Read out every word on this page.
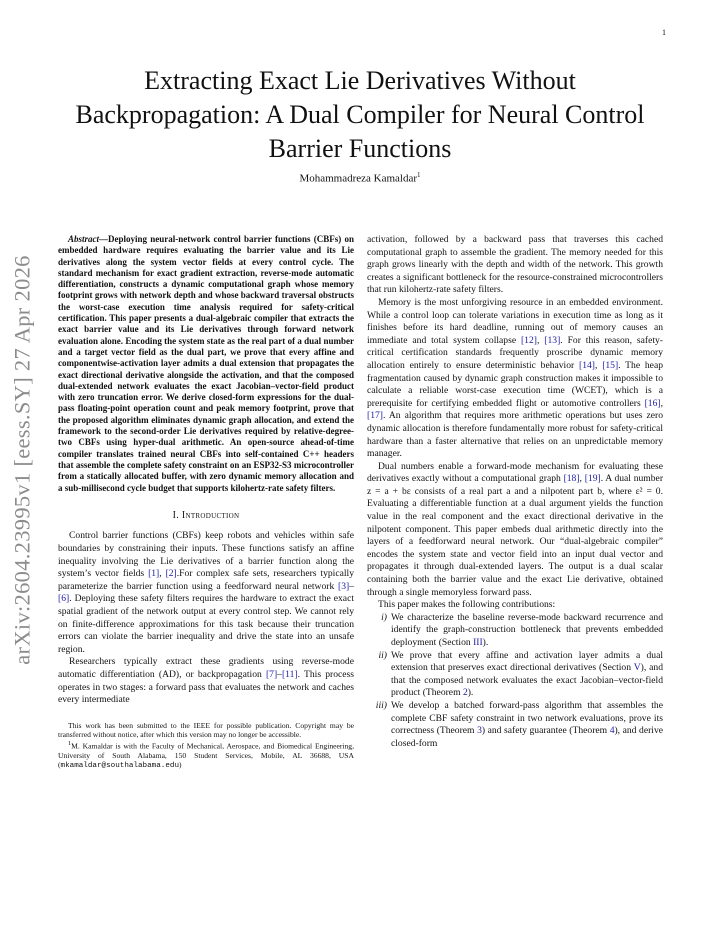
1
arXiv:2604.23995v1 [eess.SY] 27 Apr 2026
Extracting Exact Lie Derivatives Without Backpropagation: A Dual Compiler for Neural Control Barrier Functions
Mohammadreza Kamaldar$^1$

Abstract—Deploying neural-network control barrier functions (CBFs) on embedded hardware requires evaluating the barrier value and its Lie derivatives along the system vector fields at every control cycle. The standard mechanism for exact gradient extraction, reverse-mode automatic differentiation, constructs a dynamic computational graph whose memory footprint grows with network depth and whose backward traversal obstructs the worst-case execution time analysis required for safety-critical certification. This paper presents a dual-algebraic compiler that extracts the exact barrier value and its Lie derivatives through forward network evaluation alone. Encoding the system state as the real part of a dual number and a target vector field as the dual part, we prove that every affine and componentwise-activation layer admits a dual extension that propagates the exact directional derivative alongside the activation, and that the composed dual-extended network evaluates the exact Jacobian–vector-field product with zero truncation error. We derive closed-form expressions for the dual-pass floating-point operation count and peak memory footprint, prove that the proposed algorithm eliminates dynamic graph allocation, and extend the framework to the second-order Lie derivatives required by relative-degree-two CBFs using hyper-dual arithmetic. An open-source ahead-of-time compiler translates trained neural CBFs into self-contained C++ headers that assemble the complete safety constraint on an ESP32-S3 microcontroller from a statically allocated buffer, with zero dynamic memory allocation and a sub-millisecond cycle budget that supports kilohertz-rate safety filters.

I. Introduction

Control barrier functions (CBFs) keep robots and vehicles within safe boundaries by constraining their inputs. These functions satisfy an affine inequality involving the Lie derivatives of a barrier function along the system’s vector fields [1], [2].For complex safe sets, researchers typically parameterize the barrier function using a feedforward neural network [3]–[6]. Deploying these safety filters requires the hardware to extract the exact spatial gradient of the network output at every control step. We cannot rely on finite-difference approximations for this task because their truncation errors can violate the barrier inequality and drive the state into an unsafe region.

Researchers typically extract these gradients using reverse-mode automatic differentiation (AD), or backpropagation [7]–[11]. This process operates in two stages: a forward pass that evaluates the network and caches every intermediate

This work has been submitted to the IEEE for possible publication. Copyright may be transferred without notice, after which this version may no longer be accessible.

$^1$M. Kamaldar is with the Faculty of Mechanical, Aerospace, and Biomedical Engineering, University of South Alabama, 150 Student Services, Mobile, AL 36688, USA (mkamaldar@southalabama.edu)

activation, followed by a backward pass that traverses this cached computational graph to assemble the gradient. The memory needed for this graph grows linearly with the depth and width of the network. This growth creates a significant bottleneck for the resource-constrained microcontrollers that run kilohertz-rate safety filters.

Memory is the most unforgiving resource in an embedded environment. While a control loop can tolerate variations in execution time as long as it finishes before its hard deadline, running out of memory causes an immediate and total system collapse [12], [13]. For this reason, safety-critical certification standards frequently proscribe dynamic memory allocation entirely to ensure deterministic behavior [14], [15]. The heap fragmentation caused by dynamic graph construction makes it impossible to calculate a reliable worst-case execution time (WCET), which is a prerequisite for certifying embedded flight or automotive controllers [16], [17]. An algorithm that requires more arithmetic operations but uses zero dynamic allocation is therefore fundamentally more robust for safety-critical hardware than a faster alternative that relies on an unpredictable memory manager.

Dual numbers enable a forward-mode mechanism for evaluating these derivatives exactly without a computational graph [18], [19]. A dual number z = a + bε consists of a real part a and a nilpotent part b, where ε² = 0. Evaluating a differentiable function at a dual argument yields the function value in the real component and the exact directional derivative in the nilpotent component. This paper embeds dual arithmetic directly into the layers of a feedforward neural network. Our “dual-algebraic compiler” encodes the system state and vector field into an input dual vector and propagates it through dual-extended layers. The output is a dual scalar containing both the barrier value and the exact Lie derivative, obtained through a single memoryless forward pass.

This paper makes the following contributions:

i) We characterize the baseline reverse-mode backward recurrence and identify the graph-construction bottleneck that prevents embedded deployment (Section III).
ii) We prove that every affine and activation layer admits a dual extension that preserves exact directional derivatives (Section V), and that the composed network evaluates the exact Jacobian–vector-field product (Theorem 2).
iii) We develop a batched forward-pass algorithm that assembles the complete CBF safety constraint in two network evaluations, prove its correctness (Theorem 3) and safety guarantee (Theorem 4), and derive closed-form
